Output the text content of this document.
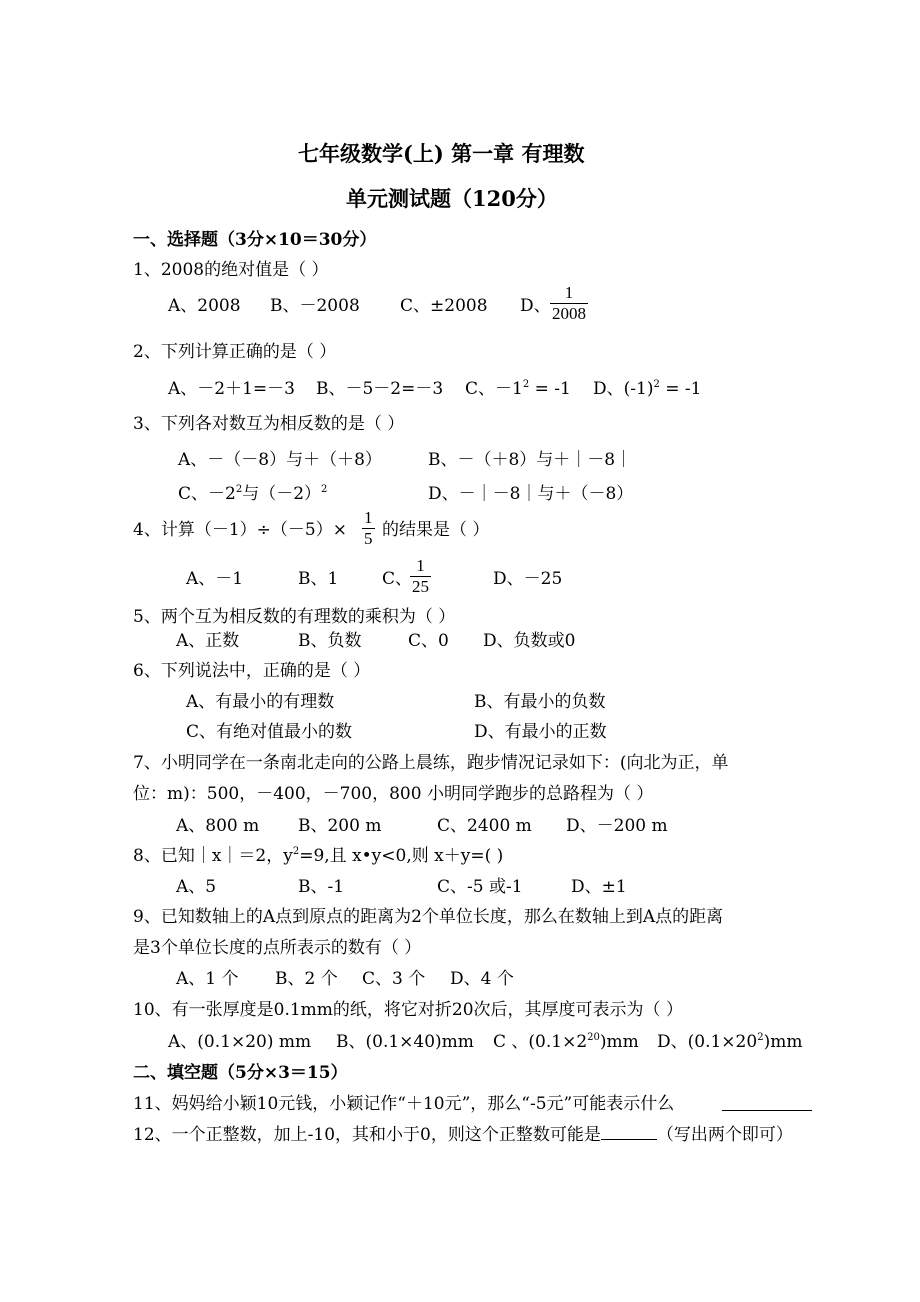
七年级数学(上) 第一章 有理数
单元测试题（120分）
一、选择题（3分×10＝30分）
1、2008的绝对值是（ ）
A、2008 B、－2008 C、±2008 D、
1
2008
2、下列计算正确的是（ ）
A、－2＋1=－3 B、－5－2=－3 C、$-1^2 = -1$ D、$(-1)^2 = -1$
3、下列各对数互为相反数的是（ ）
A、－（－8）与＋（＋8）	B、－（＋8）与＋｜－8｜
C、$-2^2$与$(-2)^2$	D、－｜－8｜与＋（－8）
4、计算（－1）÷（－5）×
1
5 的结果是（ ）
A、－1	B、1	C、
1
25	D、－25
5、两个互为相反数的有理数的乘积为（ ）
A、正数	B、负数	C、0 D、负数或0
6、下列说法中，正确的是（ ）
A、有最小的有理数	B、有最小的负数
C、有绝对值最小的数	D、有最小的正数
7、小明同学在一条南北走向的公路上晨练，跑步情况记录如下：(向北为正，单
位：m)：500，－400，－700，800 小明同学跑步的总路程为（ ）
A、800 m B、200 m	C、2400 m D、－200 m
8、已知｜x｜＝2，$y^2=9$,且 x•y<0,则 x＋y=( )
A、5	B、-1	C、-5 或-1	D、±1
9、已知数轴上的A点到原点的距离为2个单位长度，那么在数轴上到A点的距离
是3个单位长度的点所表示的数有（ ）
A、1 个 B、2 个 C、3 个 D、4 个
10、有一张厚度是0.1mm的纸，将它对折20次后，其厚度可表示为（ ）
A、(0.1×20) mm B、(0.1×40)mm C 、$(0.1\times 2^{20})mm$ D、$(0.1\times 20^2)mm$
二、填空题（5分×3＝15）
11、妈妈给小颖10元钱，小颖记作“＋10元”，那么“-5元”可能表示什么
12、一个正整数，加上-10，其和小于0，则这个正整数可能是	（写出两个即可）
